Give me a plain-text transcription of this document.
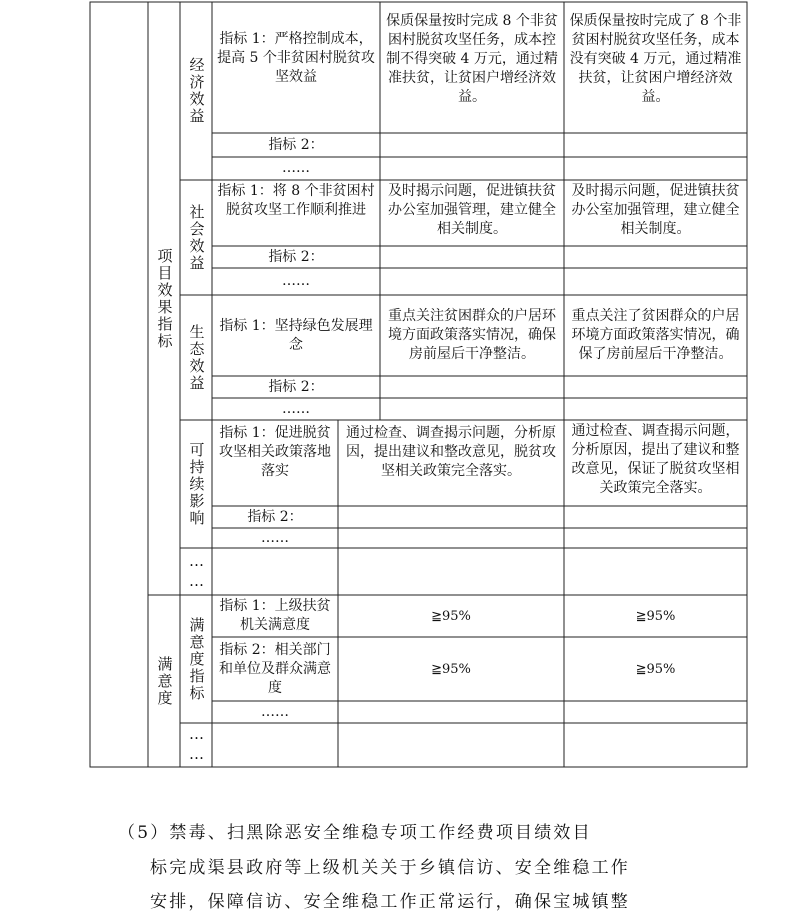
项目效果指标
满意度
经济效益
指标 1：严格控制成本，提高 5 个非贫困村脱贫攻坚效益
保质保量按时完成 8 个非贫困村脱贫攻坚任务，成本控制不得突破 4 万元，通过精准扶贫，让贫困户增经济效益。
保质保量按时完成了 8 个非贫困村脱贫攻坚任务，成本没有突破 4 万元，通过精准扶贫，让贫困户增经济效益。
指标 2：
……
社会效益
指标 1：将 8 个非贫困村脱贫攻坚工作顺利推进
及时揭示问题，促进镇扶贫办公室加强管理，建立健全相关制度。
及时揭示问题，促进镇扶贫办公室加强管理，建立健全相关制度。
指标 2：
……
生态效益 指标 1：坚持绿色发展理念
重点关注贫困群众的户居环境方面政策落实情况，确保房前屋后干净整洁。
重点关注了贫困群众的户居环境方面政策落实情况，确保了房前屋后干净整洁。
指标 2：
……
可持续影响
指标 1：促进脱贫攻坚相关政策落地落实
通过检查、调查揭示问题，分析原因，提出建议和整改意见，脱贫攻坚相关政策完全落实。
通过检查、调查揭示问题，分析原因，提出了建议和整改意见，保证了脱贫攻坚相关政策完全落实。
指标 2：
……
……
满意度指标
指标 1：上级扶贫机关满意度
≧95%	≧95%
指标 2：相关部门和单位及群众满意度
≧95%	≧95%
……
……
（5）禁毒、扫黑除恶安全维稳专项工作经费项目绩效目
标完成渠县政府等上级机关关于乡镇信访、安全维稳工作
安排，保障信访、安全维稳工作正常运行，确保宝城镇整
